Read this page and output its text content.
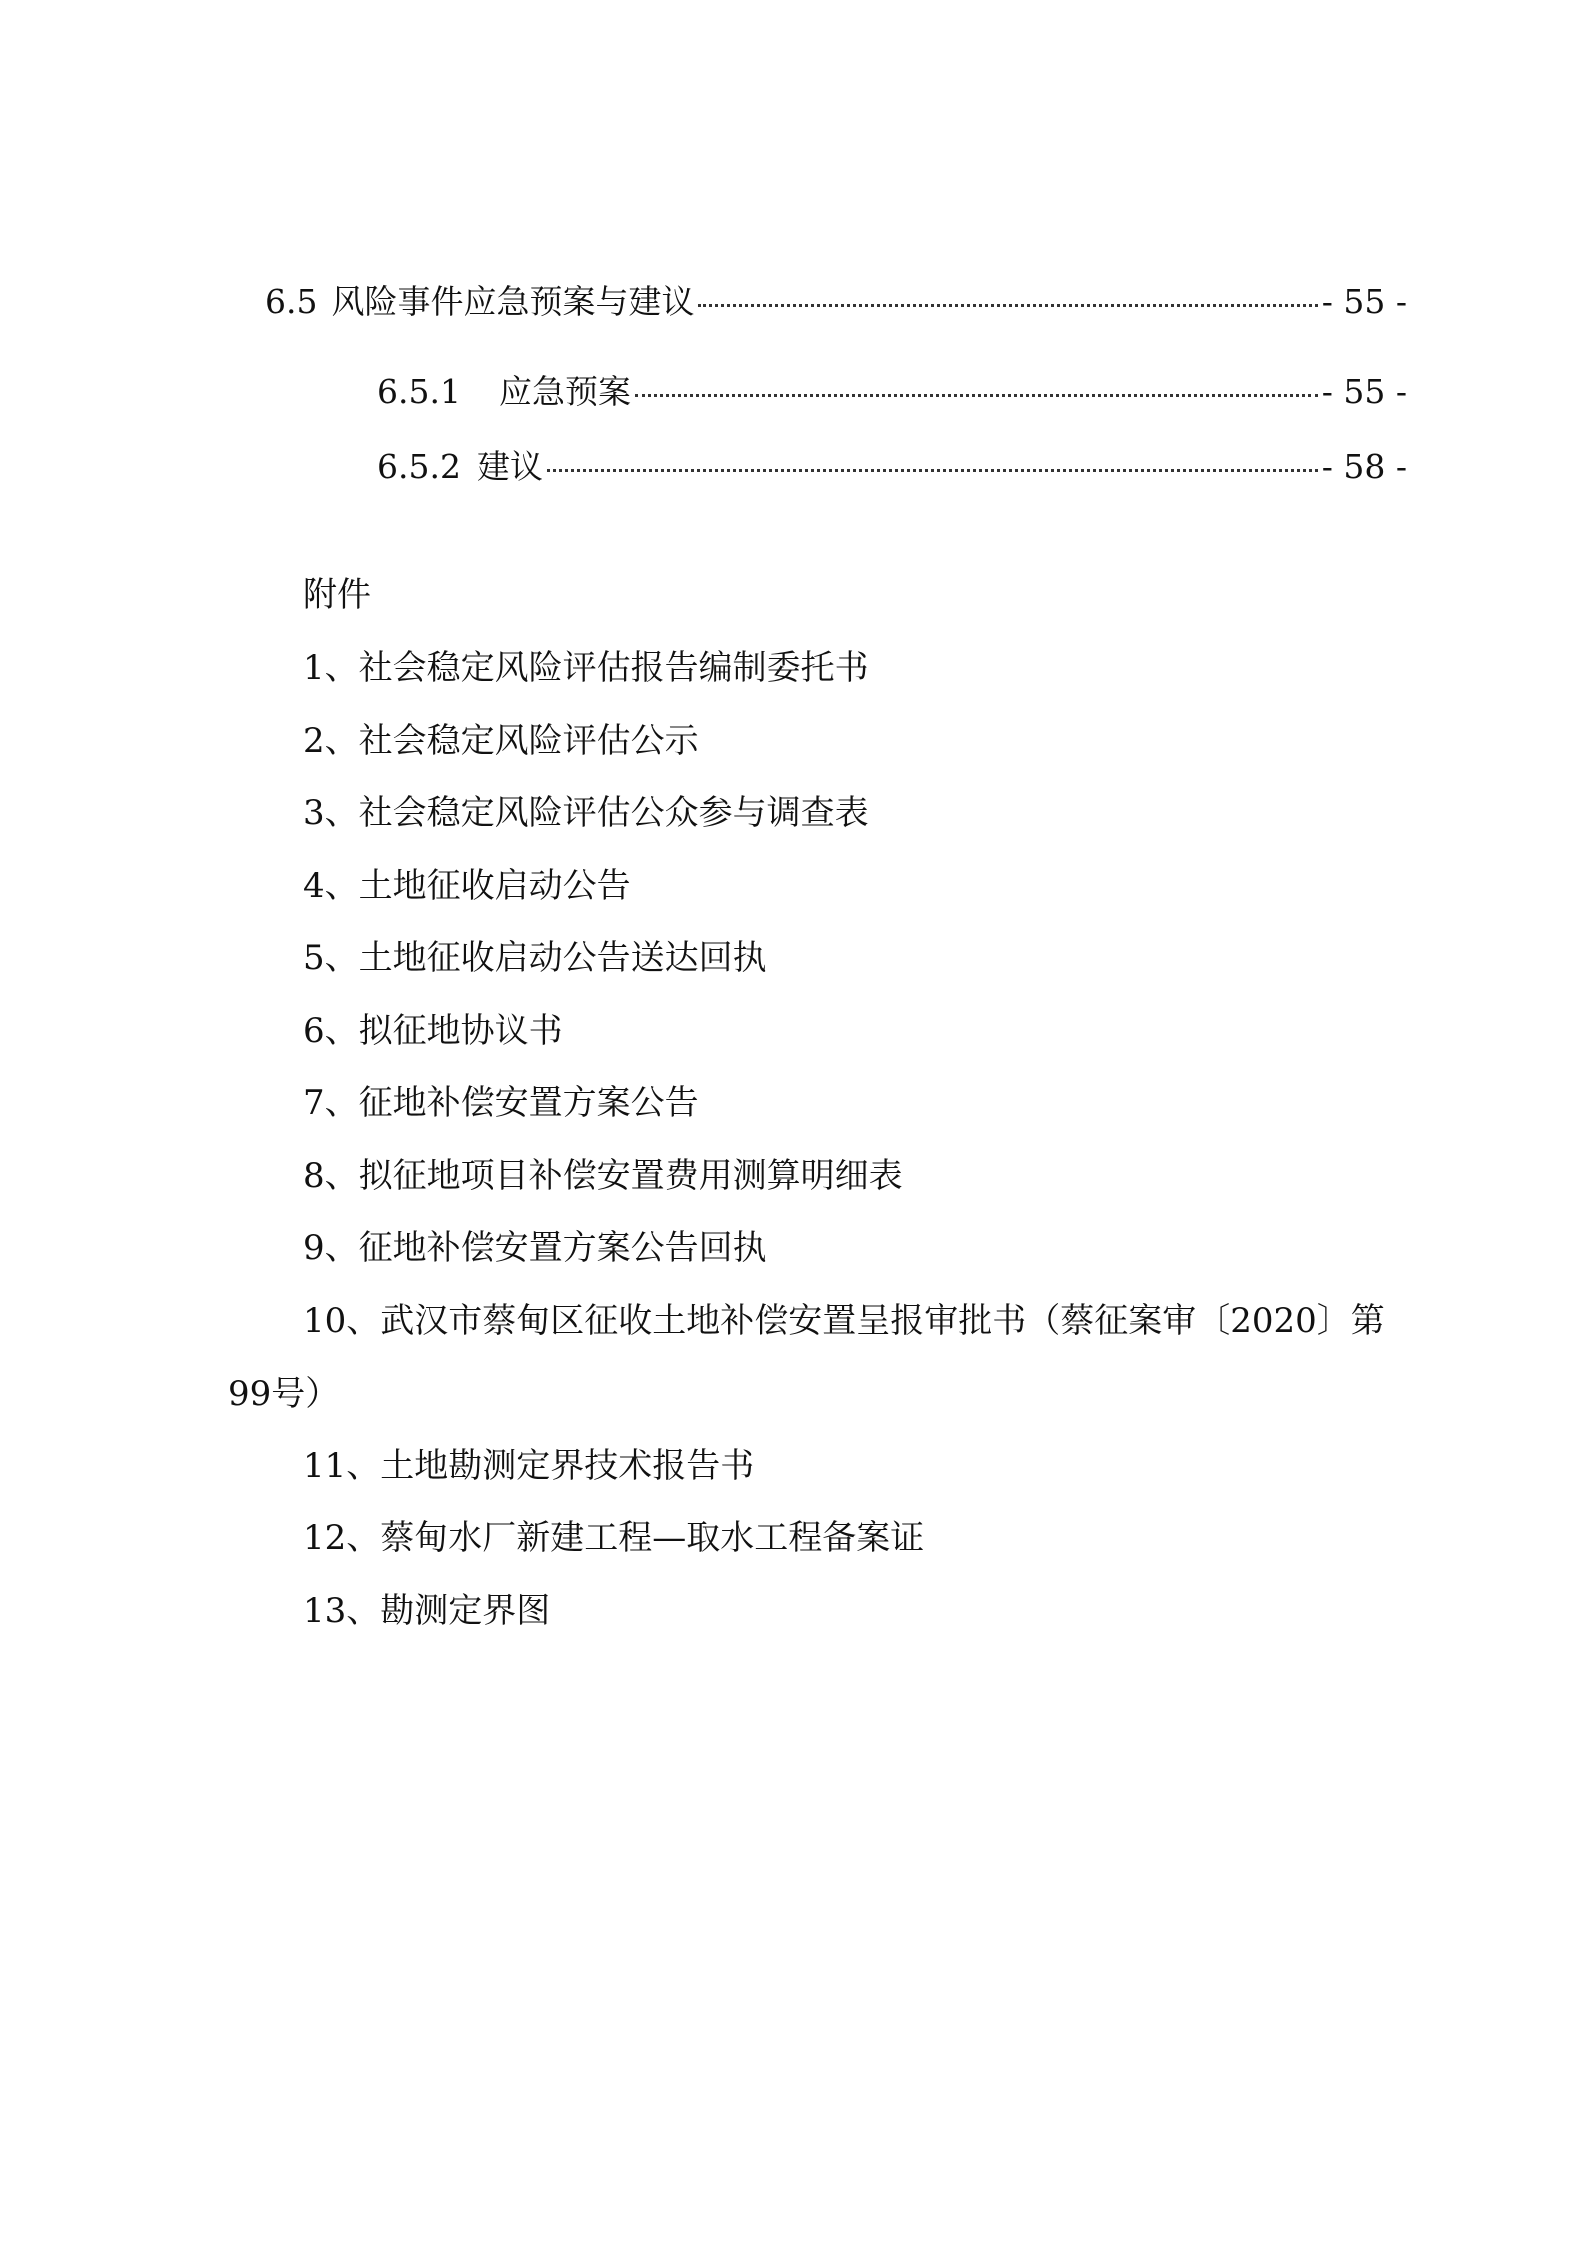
6.5 风险事件应急预案与建议	- 55 -
6.5.1 应急预案	- 55 -
6.5.2 建议	- 58 -
附件
1、社会稳定风险评估报告编制委托书
2、社会稳定风险评估公示
3、社会稳定风险评估公众参与调查表
4、土地征收启动公告
5、土地征收启动公告送达回执
6、拟征地协议书
7、征地补偿安置方案公告
8、拟征地项目补偿安置费用测算明细表
9、征地补偿安置方案公告回执
10、武汉市蔡甸区征收土地补偿安置呈报审批书（蔡征案审〔2020〕第99号）
11、土地勘测定界技术报告书
12、蔡甸水厂新建工程—取水工程备案证
13、勘测定界图
